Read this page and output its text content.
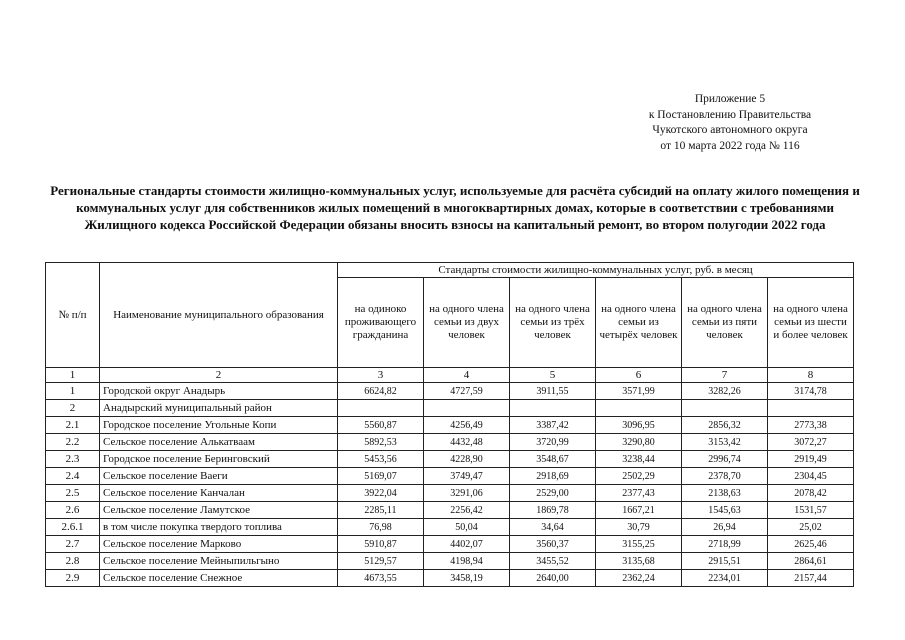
Приложение 5
к Постановлению Правительства
Чукотского автономного округа
от 10 марта 2022 года № 116
Региональные стандарты стоимости жилищно-коммунальных услуг, используемые для расчёта субсидий на оплату жилого помещения и коммунальных услуг для собственников жилых помещений в многоквартирных домах, которые в соответствии с требованиями Жилищного кодекса Российской Федерации обязаны вносить взносы на капитальный ремонт, во втором полугодии 2022 года
№ п/п	Наименование муниципального образования	Стандарты стоимости жилищно-коммунальных услуг, руб. в месяц					
		на одиноко проживающего гражданина	на одного члена семьи из двух человек	на одного члена семьи из трёх человек	на одного члена семьи из четырёх человек	на одного члена семьи из пяти человек	на одного члена семьи из шести и более человек
1	2	3	4	5	6	7	8
1	Городской округ Анадырь	6624,82	4727,59	3911,55	3571,99	3282,26	3174,78
2	Анадырский муниципальный район						
2.1	Городское поселение Угольные Копи	5560,87	4256,49	3387,42	3096,95	2856,32	2773,38
2.2	Сельское поселение Алькатваам	5892,53	4432,48	3720,99	3290,80	3153,42	3072,27
2.3	Городское поселение Беринговский	5453,56	4228,90	3548,67	3238,44	2996,74	2919,49
2.4	Сельское поселение Ваеги	5169,07	3749,47	2918,69	2502,29	2378,70	2304,45
2.5	Сельское поселение Канчалан	3922,04	3291,06	2529,00	2377,43	2138,63	2078,42
2.6	Сельское поселение Ламутское	2285,11	2256,42	1869,78	1667,21	1545,63	1531,57
2.6.1	в том числе покупка твердого топлива	76,98	50,04	34,64	30,79	26,94	25,02
2.7	Сельское поселение Марково	5910,87	4402,07	3560,37	3155,25	2718,99	2625,46
2.8	Сельское поселение Мейныпильгыно	5129,57	4198,94	3455,52	3135,68	2915,51	2864,61
2.9	Сельское поселение Снежное	4673,55	3458,19	2640,00	2362,24	2234,01	2157,44
